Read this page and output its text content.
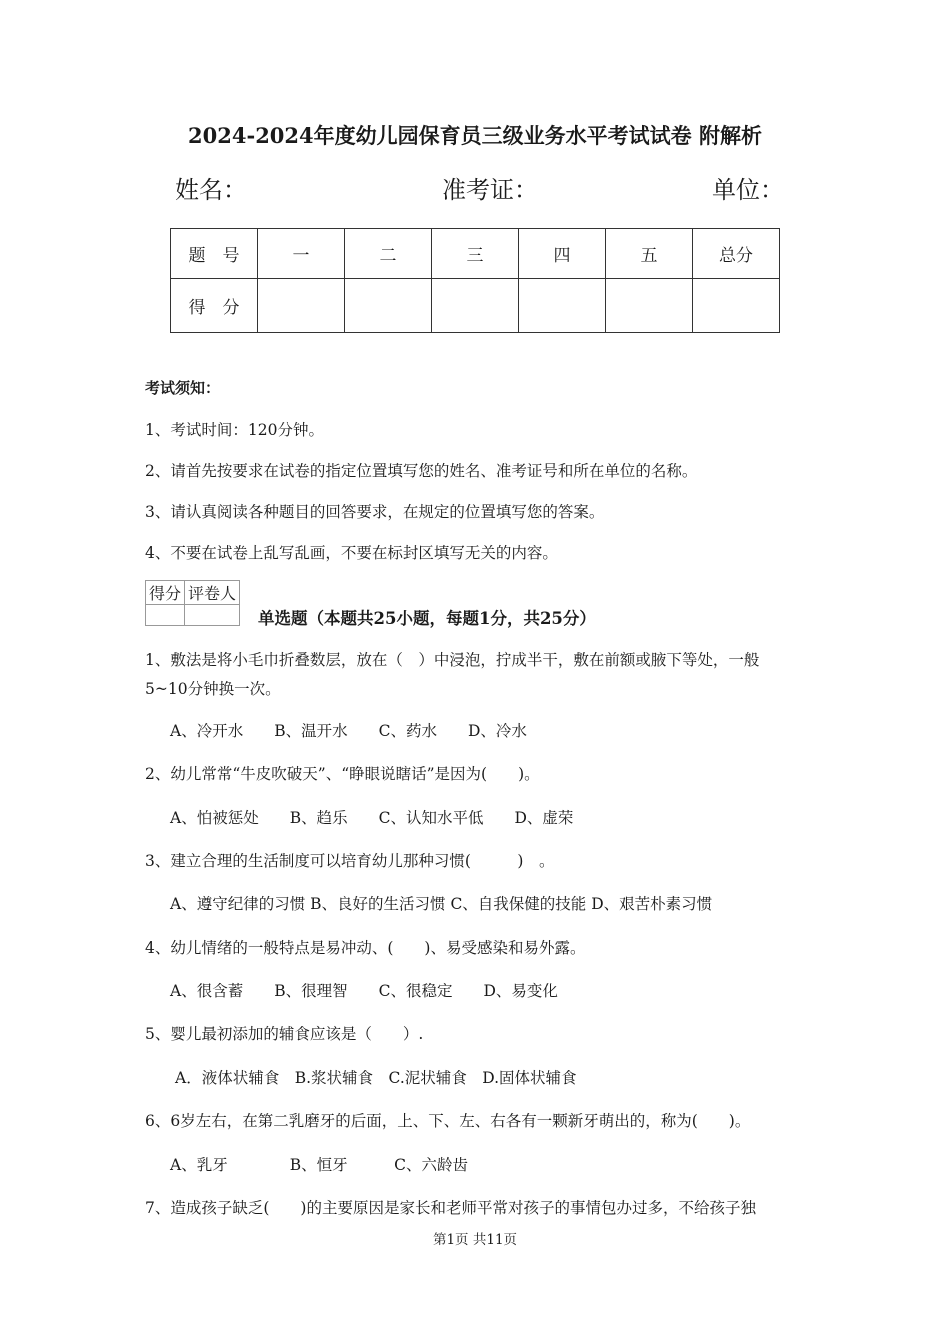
2024-2024年度幼儿园保育员三级业务水平考试试卷 附解析
姓名：	准考证：	单位：
题　号	一	二	三	四	五	总分
得　分						
考试须知：
1、考试时间：120分钟。
2、请首先按要求在试卷的指定位置填写您的姓名、准考证号和所在单位的名称。
3、请认真阅读各种题目的回答要求，在规定的位置填写您的答案。
4、不要在试卷上乱写乱画，不要在标封区填写无关的内容。
得分	评卷人

单选题（本题共25小题，每题1分，共25分）
1、敷法是将小毛巾折叠数层，放在（　）中浸泡，拧成半干，敷在前额或腋下等处，一般
5~10分钟换一次。
A、冷开水　　B、温开水　　C、药水　　D、冷水
2、幼儿常常“牛皮吹破天”、“睁眼说瞎话”是因为(　　)。
A、怕被惩处　　B、趋乐　　C、认知水平低　　D、虚荣
3、建立合理的生活制度可以培育幼儿那种习惯(　　　)　。
A、遵守纪律的习惯 B、良好的生活习惯 C、自我保健的技能 D、艰苦朴素习惯
4、幼儿情绪的一般特点是易冲动、(　　)、易受感染和易外露。
A、很含蓄　　B、很理智　　C、很稳定　　D、易变化
5、婴儿最初添加的辅食应该是（　　）.
A．液体状辅食　B.浆状辅食　C.泥状辅食　D.固体状辅食
6、6岁左右，在第二乳磨牙的后面，上、下、左、右各有一颗新牙萌出的，称为(　　)。
A、乳牙　　　　B、恒牙　　　C、六龄齿
7、造成孩子缺乏(　　)的主要原因是家长和老师平常对孩子的事情包办过多，不给孩子独
第1页 共11页
